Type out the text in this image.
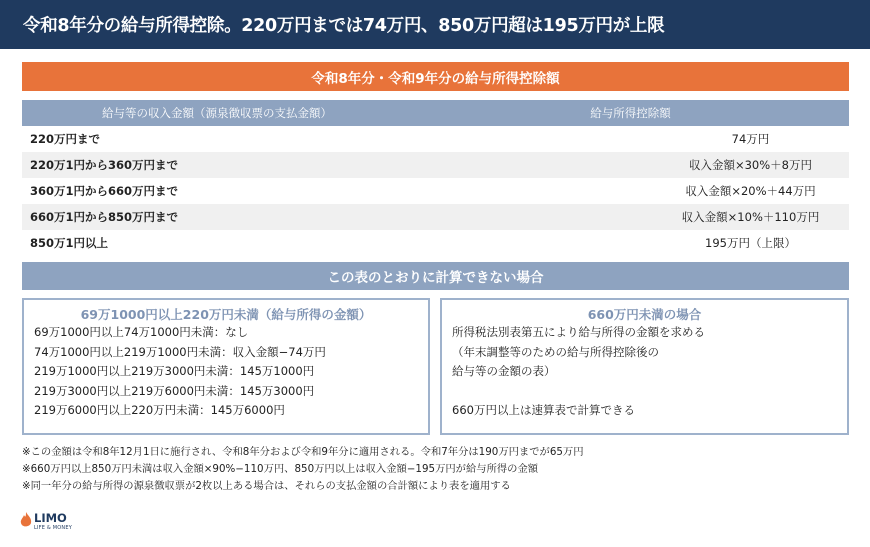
令和8年分の給与所得控除。220万円までは74万円、850万円超は195万円が上限
令和8年分・令和9年分の給与所得控除額
給与等の収入金額（源泉徴収票の支払金額）	給与所得控除額
220万円まで	74万円
220万1円から360万円まで	収入金額×30%＋8万円
360万1円から660万円まで	収入金額×20%＋44万円
660万1円から850万円まで	収入金額×10%＋110万円
850万1円以上	195万円（上限）
この表のとおりに計算できない場合
69万1000円以上220万円未満（給与所得の金額）
69万1000円以上74万1000円未満：なし
74万1000円以上219万1000円未満：収入金額−74万円
219万1000円以上219万3000円未満：145万1000円
219万3000円以上219万6000円未満：145万3000円
219万6000円以上220万円未満：145万6000円
660万円未満の場合
所得税法別表第五により給与所得の金額を求める
（年末調整等のための給与所得控除後の
給与等の金額の表）
660万円以上は速算表で計算できる
※この金額は令和8年12月1日に施行され、令和8年分および令和9年分に適用される。令和7年分は190万円までが65万円
※660万円以上850万円未満は収入金額×90%−110万円、850万円以上は収入金額−195万円が給与所得の金額
※同一年分の給与所得の源泉徴収票が2枚以上ある場合は、それらの支払金額の合計額により表を適用する
LIMO
LIFE & MONEY
